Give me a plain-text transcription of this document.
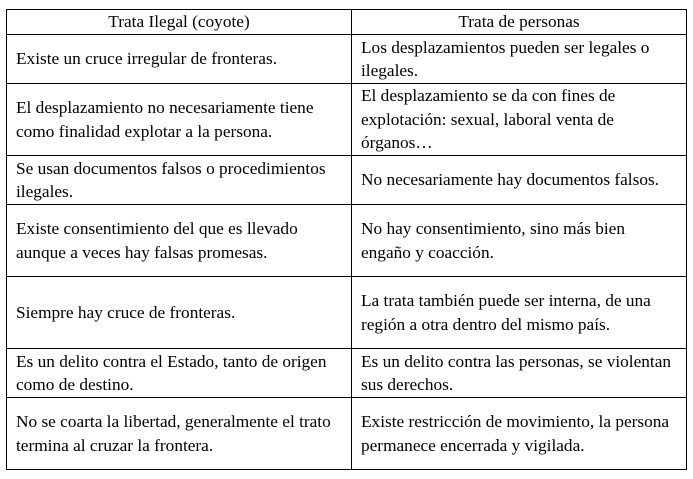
Trata Ilegal (coyote)	Trata de personas
Existe un cruce irregular de fronteras.	Los desplazamientos pueden ser legales o ilegales.
El desplazamiento no necesariamente tiene como finalidad explotar a la persona.	El desplazamiento se da con fines de explotación: sexual, laboral venta de órganos…
Se usan documentos falsos o procedimientos ilegales.	No necesariamente hay documentos falsos.
Existe consentimiento del que es llevado aunque a veces hay falsas promesas.	No hay consentimiento, sino más bien engaño y coacción.
Siempre hay cruce de fronteras.	La trata también puede ser interna, de una región a otra dentro del mismo país.
Es un delito contra el Estado, tanto de origen como de destino.	Es un delito contra las personas, se violentan sus derechos.
No se coarta la libertad, generalmente el trato termina al cruzar la frontera.	Existe restricción de movimiento, la persona permanece encerrada y vigilada.
